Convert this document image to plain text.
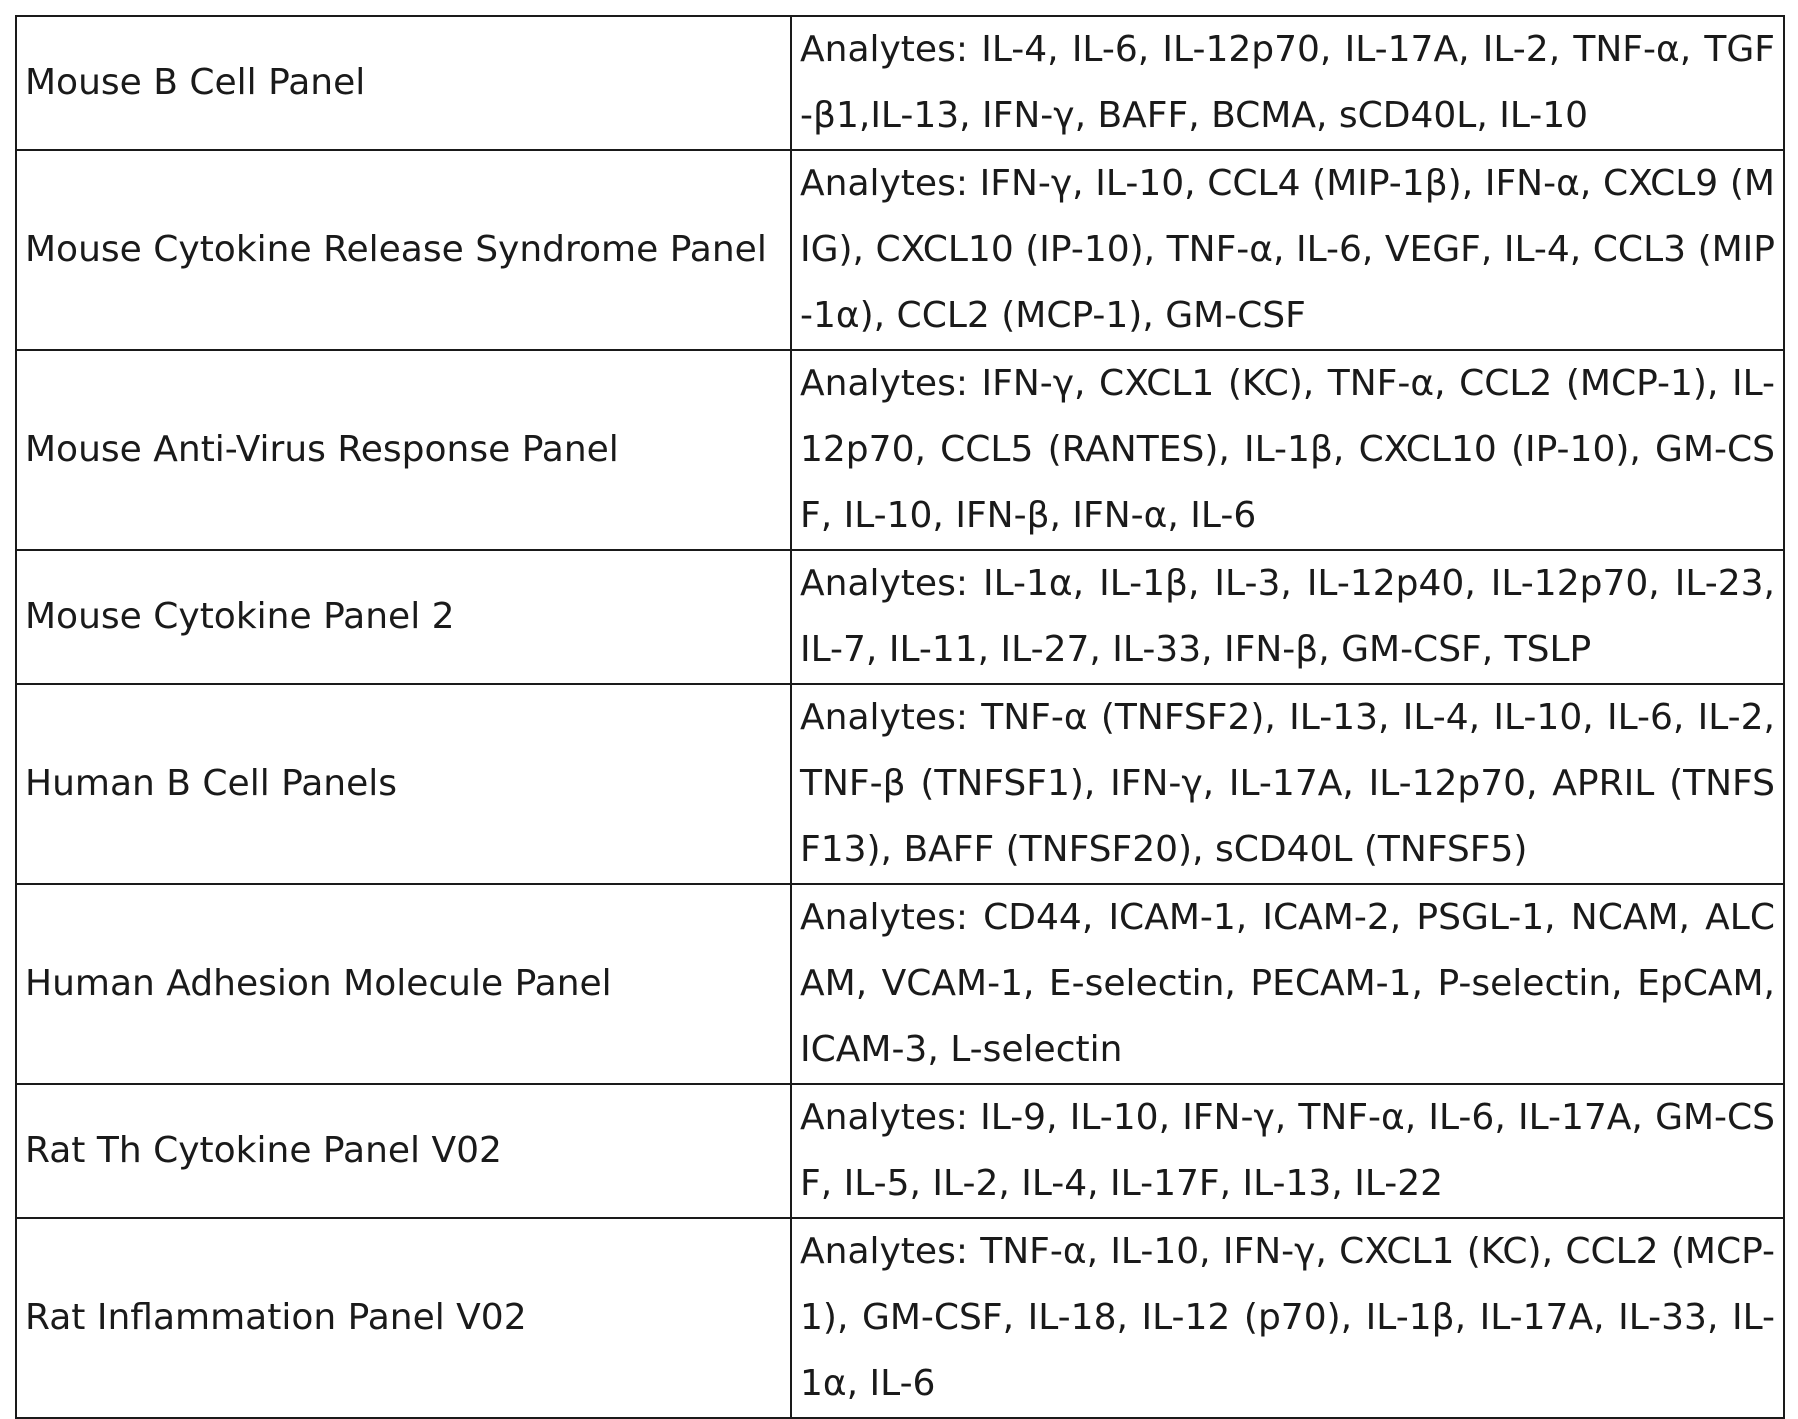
Mouse B Cell Panel	Analytes: IL-4, IL-6, IL-12p70, IL-17A, IL-2, TNF-α, TGF-β1,IL-13, IFN-γ, BAFF, BCMA, sCD40L, IL-10
Mouse Cytokine Release Syndrome Panel	Analytes: IFN-γ, IL-10, CCL4 (MIP-1β), IFN-α, CXCL9 (MIG), CXCL10 (IP-10), TNF-α, IL-6, VEGF, IL-4, CCL3 (MIP-1α), CCL2 (MCP-1), GM-CSF
Mouse Anti-Virus Response Panel	Analytes: IFN-γ, CXCL1 (KC), TNF-α, CCL2 (MCP-1), IL-12p70, CCL5 (RANTES), IL-1β, CXCL10 (IP-10), GM-CSF, IL-10, IFN-β, IFN-α, IL-6
Mouse Cytokine Panel 2	Analytes: IL-1α, IL-1β, IL-3, IL-12p40, IL-12p70, IL-23, IL-7, IL-11, IL-27, IL-33, IFN-β, GM-CSF, TSLP
Human B Cell Panels	Analytes: TNF-α (TNFSF2), IL-13, IL-4, IL-10, IL-6, IL-2, TNF-β (TNFSF1), IFN-γ, IL-17A, IL-12p70, APRIL (TNFSF13), BAFF (TNFSF20), sCD40L (TNFSF5)
Human Adhesion Molecule Panel	Analytes: CD44, ICAM-1, ICAM-2, PSGL-1, NCAM, ALCAM, VCAM-1, E-selectin, PECAM-1, P-selectin, EpCAM, ICAM-3, L-selectin
Rat Th Cytokine Panel V02	Analytes: IL-9, IL-10, IFN-γ, TNF-α, IL-6, IL-17A, GM-CSF, IL-5, IL-2, IL-4, IL-17F, IL-13, IL-22
Rat Inflammation Panel V02	Analytes: TNF-α, IL-10, IFN-γ, CXCL1 (KC), CCL2 (MCP-1), GM-CSF, IL-18, IL-12 (p70), IL-1β, IL-17A, IL-33, IL-1α, IL-6
